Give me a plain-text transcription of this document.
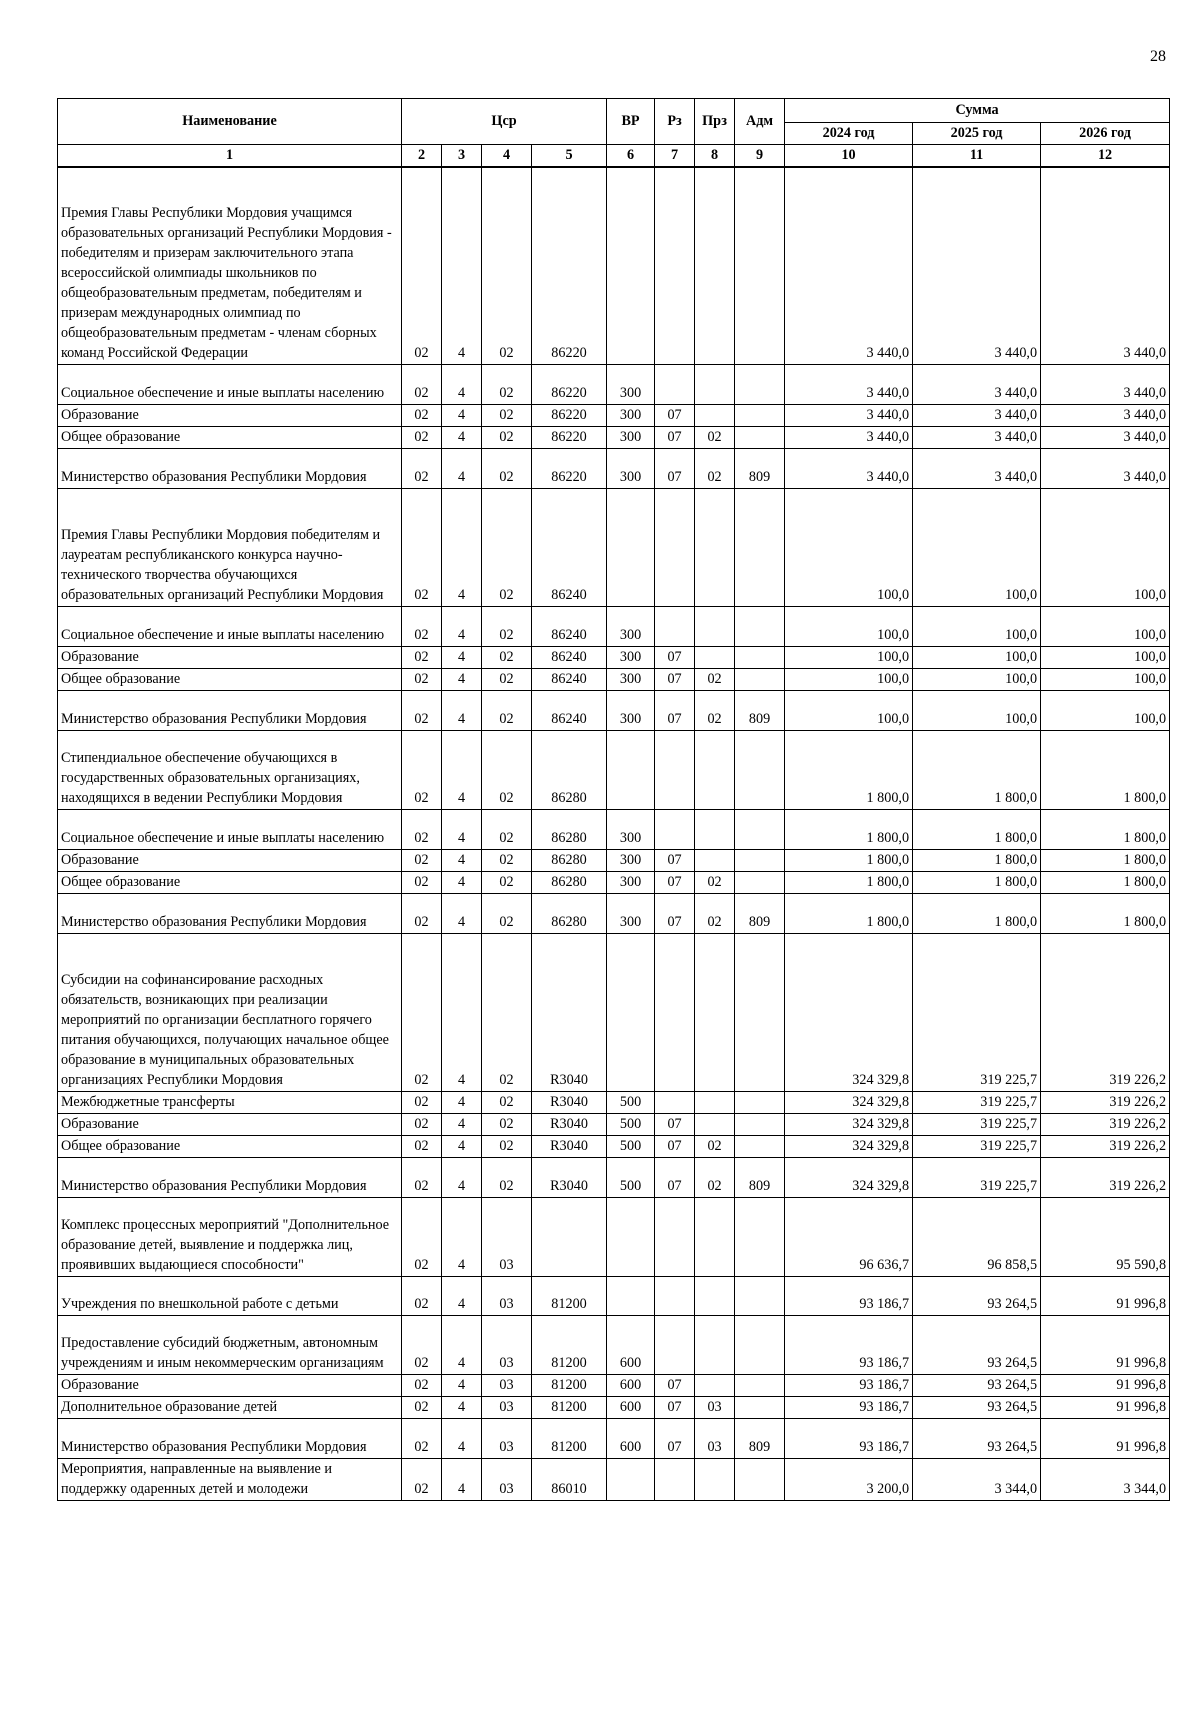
28
Наименование	Цср				ВР	Рз	Прз	Адм	Сумма		
									2024 год	2025 год	2026 год
1	2	3	4	5	6	7	8	9	10	11	12
Премия Главы Республики Мордовия учащимся образовательных организаций Республики Мордовия - победителям и призерам заключительного этапа всероссийской олимпиады школьников по общеобразовательным предметам, победителям и призерам международных олимпиад по общеобразовательным предметам - членам сборных команд Российской Федерации	02	4	02	86220					3 440,0	3 440,0	3 440,0
Социальное обеспечение и иные выплаты населению	02	4	02	86220	300				3 440,0	3 440,0	3 440,0
Образование	02	4	02	86220	300	07			3 440,0	3 440,0	3 440,0
Общее образование	02	4	02	86220	300	07	02		3 440,0	3 440,0	3 440,0
Министерство образования Республики Мордовия	02	4	02	86220	300	07	02	809	3 440,0	3 440,0	3 440,0
Премия Главы Республики Мордовия победителям и лауреатам республиканского конкурса научно-технического творчества обучающихся образовательных организаций Республики Мордовия	02	4	02	86240					100,0	100,0	100,0
Социальное обеспечение и иные выплаты населению	02	4	02	86240	300				100,0	100,0	100,0
Образование	02	4	02	86240	300	07			100,0	100,0	100,0
Общее образование	02	4	02	86240	300	07	02		100,0	100,0	100,0
Министерство образования Республики Мордовия	02	4	02	86240	300	07	02	809	100,0	100,0	100,0
Стипендиальное обеспечение обучающихся в государственных образовательных организациях, находящихся в ведении Республики Мордовия	02	4	02	86280					1 800,0	1 800,0	1 800,0
Социальное обеспечение и иные выплаты населению	02	4	02	86280	300				1 800,0	1 800,0	1 800,0
Образование	02	4	02	86280	300	07			1 800,0	1 800,0	1 800,0
Общее образование	02	4	02	86280	300	07	02		1 800,0	1 800,0	1 800,0
Министерство образования Республики Мордовия	02	4	02	86280	300	07	02	809	1 800,0	1 800,0	1 800,0
Субсидии на софинансирование расходных обязательств, возникающих при реализации мероприятий по организации бесплатного горячего питания обучающихся, получающих начальное общее образование в муниципальных образовательных организациях Республики Мордовия	02	4	02	R3040					324 329,8	319 225,7	319 226,2
Межбюджетные трансферты	02	4	02	R3040	500				324 329,8	319 225,7	319 226,2
Образование	02	4	02	R3040	500	07			324 329,8	319 225,7	319 226,2
Общее образование	02	4	02	R3040	500	07	02		324 329,8	319 225,7	319 226,2
Министерство образования Республики Мордовия	02	4	02	R3040	500	07	02	809	324 329,8	319 225,7	319 226,2
Комплекс процессных мероприятий "Дополнительное образование детей, выявление и поддержка лиц, проявивших выдающиеся способности"	02	4	03						96 636,7	96 858,5	95 590,8
Учреждения по внешкольной работе с детьми	02	4	03	81200					93 186,7	93 264,5	91 996,8
Предоставление субсидий бюджетным, автономным учреждениям и иным некоммерческим организациям	02	4	03	81200	600				93 186,7	93 264,5	91 996,8
Образование	02	4	03	81200	600	07			93 186,7	93 264,5	91 996,8
Дополнительное образование детей	02	4	03	81200	600	07	03		93 186,7	93 264,5	91 996,8
Министерство образования Республики Мордовия	02	4	03	81200	600	07	03	809	93 186,7	93 264,5	91 996,8
Мероприятия, направленные на выявление и поддержку одаренных детей и молодежи	02	4	03	86010					3 200,0	3 344,0	3 344,0
